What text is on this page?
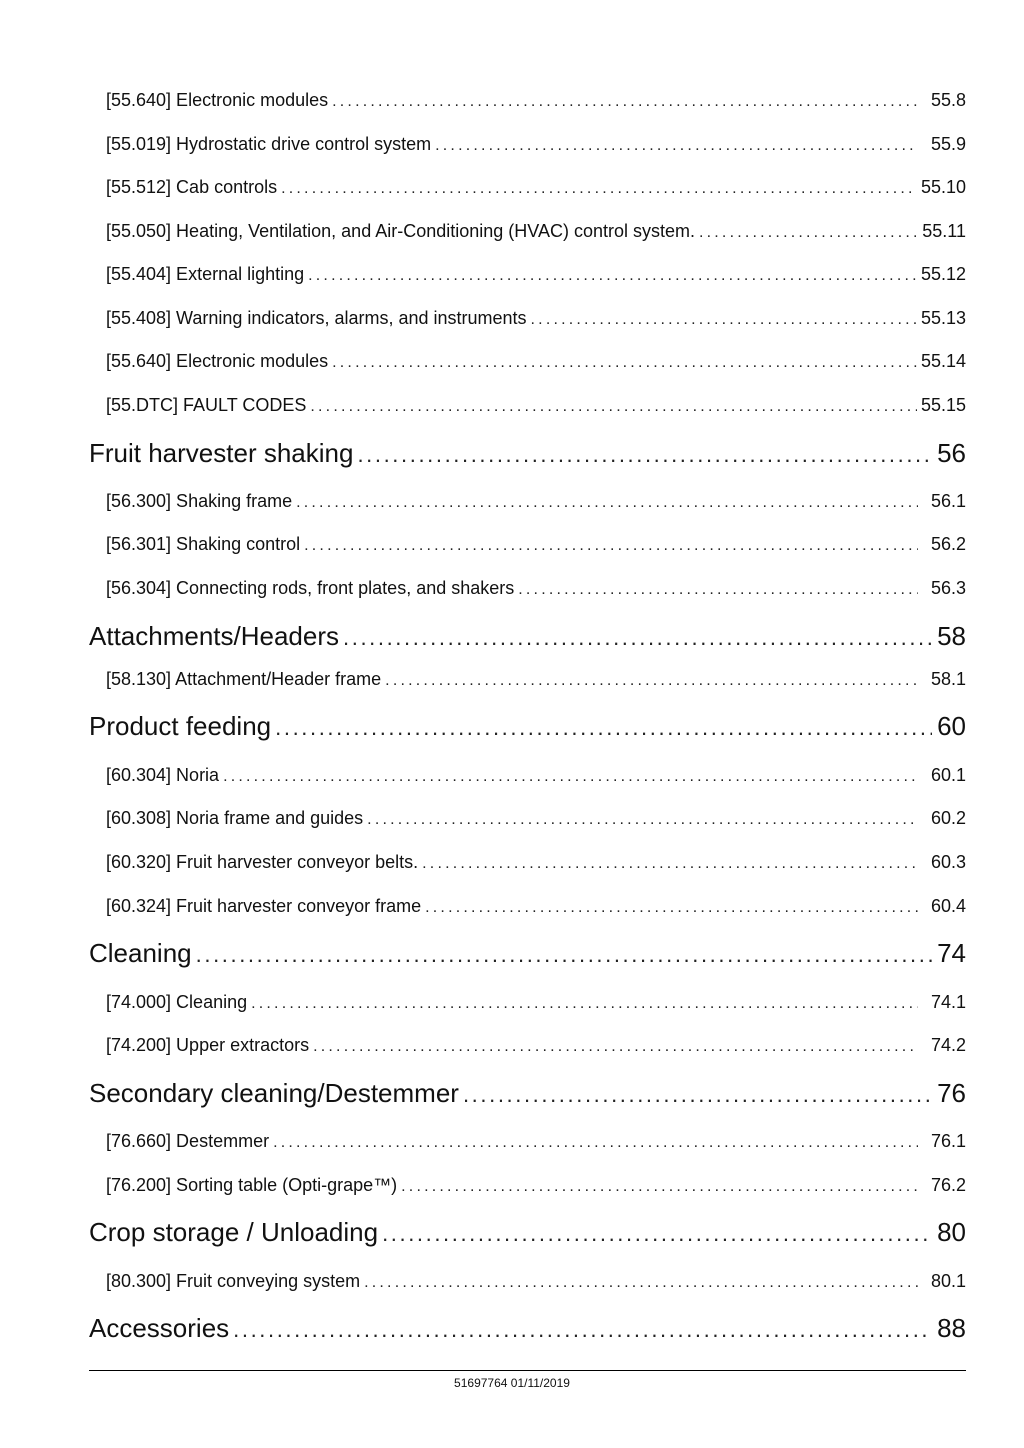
[55.640] Electronic modules .....	55.8
[55.019] Hydrostatic drive control system .....	55.9
[55.512] Cab controls .....	55.10
[55.050] Heating, Ventilation, and Air-Conditioning (HVAC) control system. .....	55.11
[55.404] External lighting .....	55.12
[55.408] Warning indicators, alarms, and instruments .....	55.13
[55.640] Electronic modules .....	55.14
[55.DTC] FAULT CODES .....	55.15
Fruit harvester shaking .....	56
[56.300] Shaking frame .....	56.1
[56.301] Shaking control .....	56.2
[56.304] Connecting rods, front plates, and shakers .....	56.3
Attachments/Headers .....	58
[58.130] Attachment/Header frame .....	58.1
Product feeding .....	60
[60.304] Noria .....	60.1
[60.308] Noria frame and guides .....	60.2
[60.320] Fruit harvester conveyor belts. .....	60.3
[60.324] Fruit harvester conveyor frame .....	60.4
Cleaning .....	74
[74.000] Cleaning .....	74.1
[74.200] Upper extractors .....	74.2
Secondary cleaning/Destemmer .....	76
[76.660] Destemmer .....	76.1
[76.200] Sorting table (Opti-grape™) .....	76.2
Crop storage / Unloading .....	80
[80.300] Fruit conveying system .....	80.1
Accessories .....	88
51697764 01/11/2019
